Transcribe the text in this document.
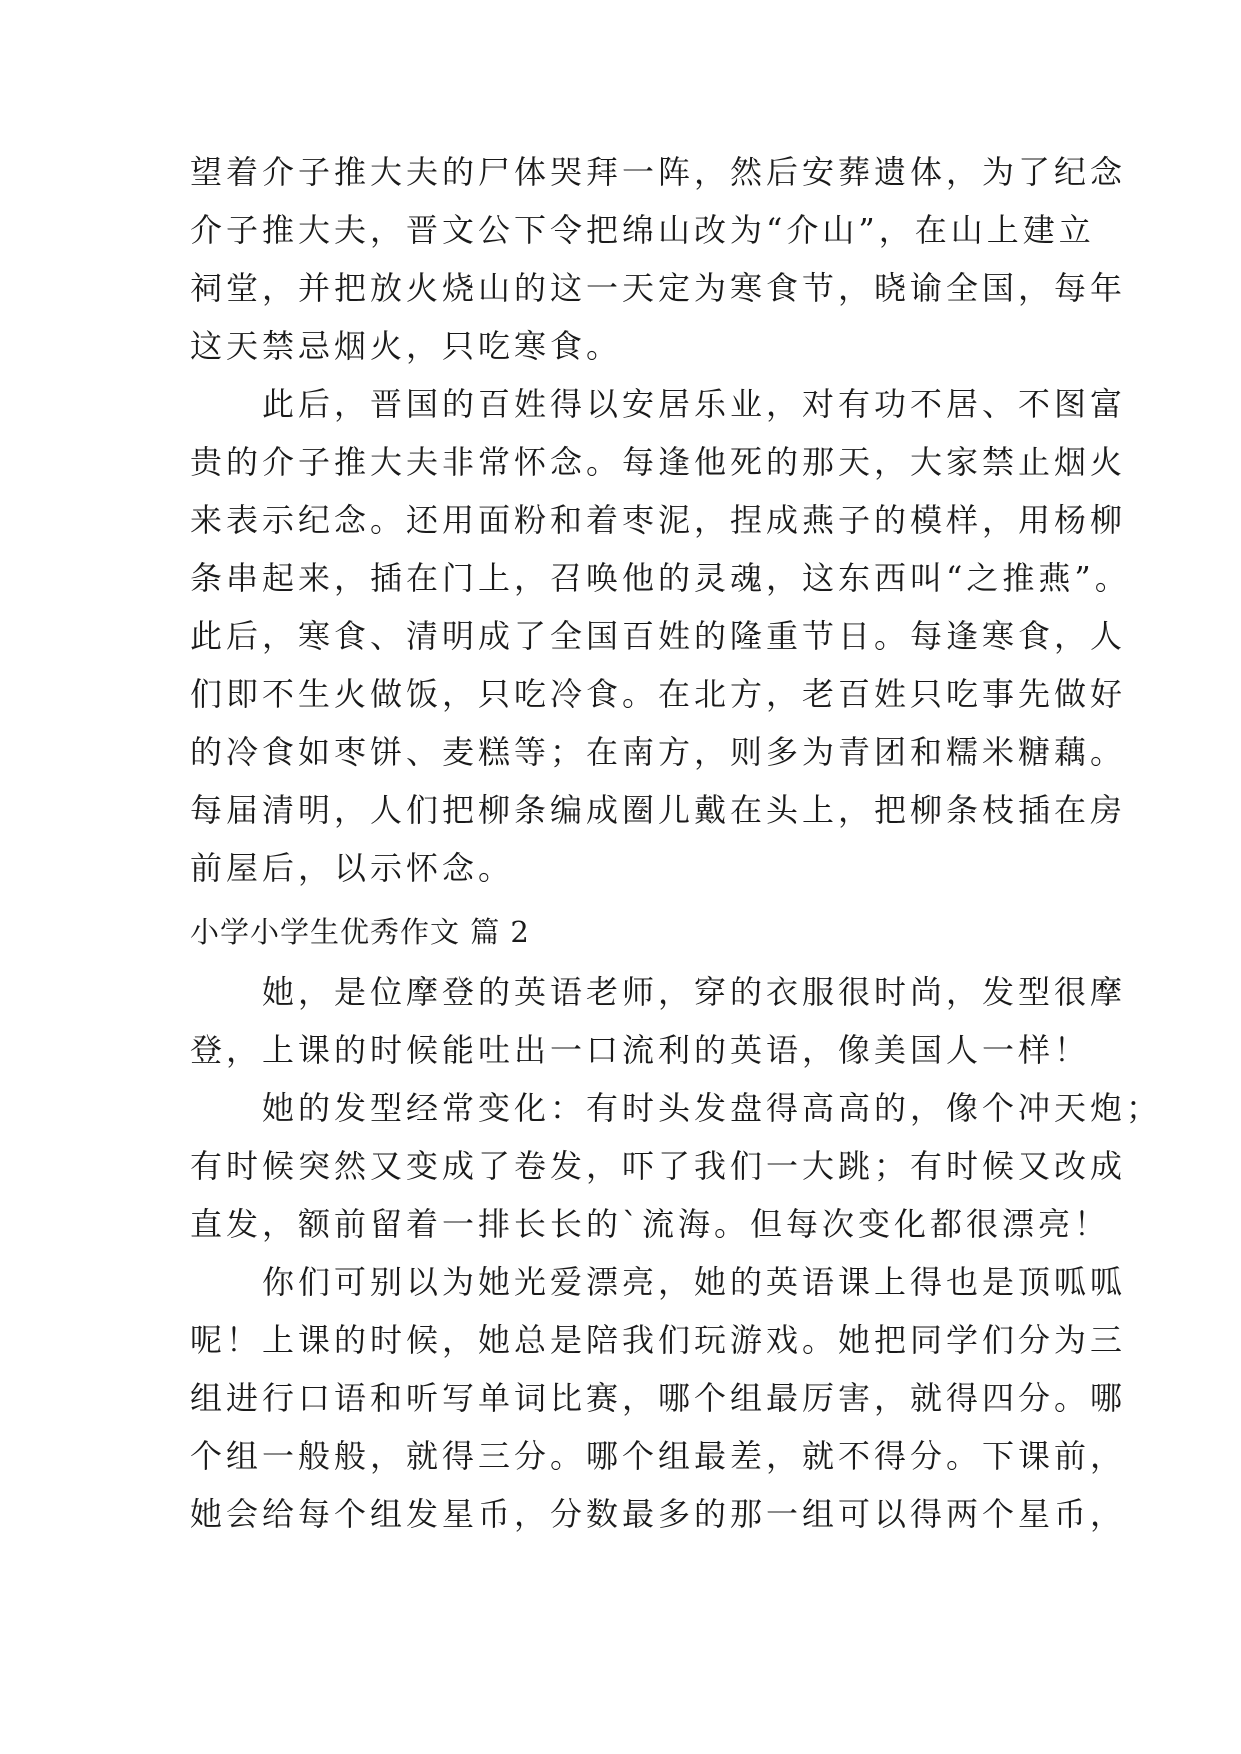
望着介子推大夫的尸体哭拜一阵，然后安葬遗体，为了纪念
介子推大夫，晋文公下令把绵山改为“介山”，在山上建立
祠堂，并把放火烧山的这一天定为寒食节，晓谕全国，每年
这天禁忌烟火，只吃寒食。
　　此后，晋国的百姓得以安居乐业，对有功不居、不图富
贵的介子推大夫非常怀念。每逢他死的那天，大家禁止烟火
来表示纪念。还用面粉和着枣泥，捏成燕子的模样，用杨柳
条串起来，插在门上，召唤他的灵魂，这东西叫“之推燕”。
此后，寒食、清明成了全国百姓的隆重节日。每逢寒食，人
们即不生火做饭，只吃冷食。在北方，老百姓只吃事先做好
的冷食如枣饼、麦糕等；在南方，则多为青团和糯米糖藕。
每届清明，人们把柳条编成圈儿戴在头上，把柳条枝插在房
前屋后，以示怀念。
小学小学生优秀作文 篇 2
　　她，是位摩登的英语老师，穿的衣服很时尚，发型很摩
登，上课的时候能吐出一口流利的英语，像美国人一样！
　　她的发型经常变化：有时头发盘得高高的，像个冲天炮；
有时候突然又变成了卷发，吓了我们一大跳；有时候又改成
直发，额前留着一排长长的`流海。但每次变化都很漂亮！
　　你们可别以为她光爱漂亮，她的英语课上得也是顶呱呱
呢！上课的时候，她总是陪我们玩游戏。她把同学们分为三
组进行口语和听写单词比赛，哪个组最厉害，就得四分。哪
个组一般般，就得三分。哪个组最差，就不得分。下课前，
她会给每个组发星币，分数最多的那一组可以得两个星币，
